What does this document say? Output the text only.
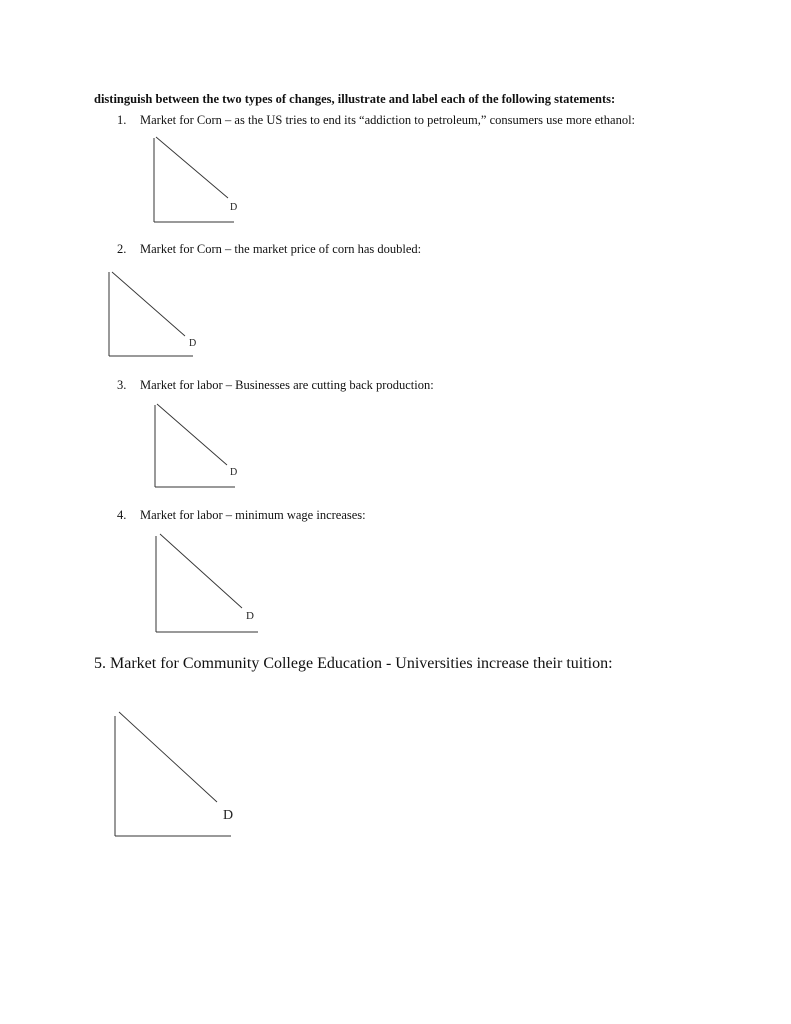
distinguish between the two types of changes, illustrate and label each of the following statements:
1. Market for Corn – as the US tries to end its “addiction to petroleum,” consumers use more ethanol:
D
2. Market for Corn – the market price of corn has doubled:
D
3. Market for labor – Businesses are cutting back production:
D
4. Market for labor – minimum wage increases:
D
5. Market for Community College Education - Universities increase their tuition:
D
